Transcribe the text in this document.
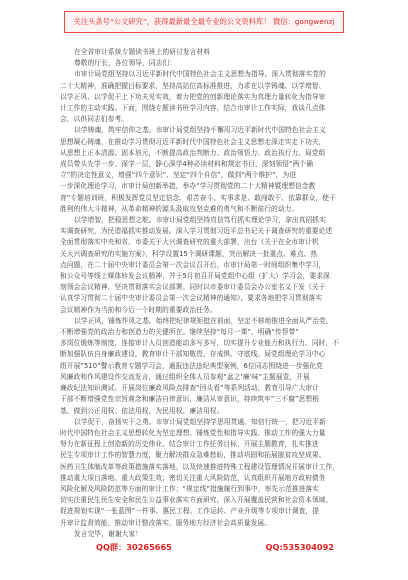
关注头条号“公文研究”，获得最新最全最专业的公文资料库！ 微信：gongwenzj
在全省审计系统专题读书班上的研讨发言材料
尊敬的厅长，各位领导，同志们：
市审计局党组坚持以习近平新时代中国特色社会主义思想为指导，深入贯彻落实党的
二十大精神，准确把握目标要求，坚持高站位高标准推进，力求在以学铸魂、以学增智、
以学正风、以学促干上下功夫见实效，着力把党的创新理论落实为真理力量转化为指导审
计工作的主动实践。下面，围绕专题读书班学习内容，结合市审计工作实际，我谈几点体
会，以供同志们参考。
以学铸魂，筑牢信仰之基。市审计局党组坚持不懈用习近平新时代中国特色社会主义
思想凝心铸魂，在推动学习贯彻习近平新时代中国特色社会主义思想走深走实走下功夫，
从思想上正本清源、固本培元，不断提高政治判断力、政治领悟力、政治执行力。局党组
成员带头先学一步、深学一层，静心深学4种必读材料和规定书目，深刻领悟“两个确
立”的决定性意义，增强“四个意识”、坚定“四个自信”，做到“两个维护”，为进
一步深化理论学习，市审计局创新举措，举办“学习贯彻党的二十大精神暨理想信念教
育”专题培训班，积极发挥党员坚定信念、艰苦奋斗、实事求是、敢闯敢干、依靠群众，使干
胜利的伟大斗精神，从革命精神的源头汲取攻坚克难的勇气和不断前行的动力。
以学增智，把稳思想之舵。市审计局党组坚持真信笃行抓实理论学习，拿出真招抓实
实调查研究，为民造福抓实推动发展。深入学习贯彻习近平总书记关于调查研究的重要论述
全面贯彻落实中央和省、市委关于大兴调查研究的重大部署，出台《关于在全市审计机
关大兴调查研究的实施方案》，科学设置15个调研课题，突出解决一批重点、难点、热
点问题，在二十届中央审计委员会第一次会议召开后，市审计局第一时间组织集中学习，
和公众号等线上媒体转发会议精神，并于5月初召开局党组中心组（扩大）学习会，要求深
刻领会会议精神，坚决贯彻落实会议部署。同时以市委审计委员会办公室名义下发《关于
认真学习贯彻二十届中央审计委员会第一次会议精神的通知》，要求各地把学习贯彻落实
会议精神作为当前和今后一个时期的重要政治任务。
以学正风，锤炼作风之基。始终把纪律规矩挺在前面，坚定不移地推进全面从严治党，
不断增强党的政治力和创造力的关键所在。继续坚持“每月一课”、明确“传帮带”
多岗位锻炼等制度，连接审计人员创造能动多写多写，切实提升专业能力和执行力。同时，不
断加强队伍自身廉政建设，教育审计干部知敬畏、存戒惧、守底线。局党组理论学习中心
组开展“510”警示教育专题学习会，通报违法违纪典型案例，6位同志围绕进一步强化党
风廉政和作风建设作交流发言，通过组织全体人员参观“盆之‘廉’味”主题展览，开展
廉政纪法知识测试、开展岗位廉政风险点排查“回头看”等系列活动，教育引导广大审计
干部不断增强党性宗旨观念和廉洁自律意识，廉洁从审意识，持续筑牢“三不腐”思想根
基，做到公正用权、依法用权、为民用权、廉洁用权。
以学促干，奋扬实干之勇。市审计局党组坚持学思用贯通、知信行统一，把习近平新
时代中国特色社会主义思想转化为坚定理想、锤炼党性和指导实践、推动工作的强大力量
努力在新征程上创造新的历史伟业。结合审计工作任务目标，开展主题教育，扎实推进
民生专项审计工作的智慧力度，聚力解决群众急难愁盼，推动巩固和拓展脱贫攻坚成果、
医药卫生体制改革等政策措施落实落地，以及快速推进特殊工程建设管理情况开展审计工作，
推动重大项目落地、重大政策生效；密切关注重大风险防范，认真组织开展地方政府债务
风险化解及风险防范等方面的审计工作；“规定线”措施履行到事中，率先示范推进落实
切实注重民生民生安全和民生公益事业落实方面研究，深入开展覆盖民营和社会资本领域、
促进规划实现“一张蓝图”一件事、惠民工程、工作运转、产业升级等专项审计调查，提
升审计监督效能，推动审计整改落实，服务地方经济社会高质量发展。
发言完毕，谢谢大家！
QQ群：30265665	QQ:535304092
